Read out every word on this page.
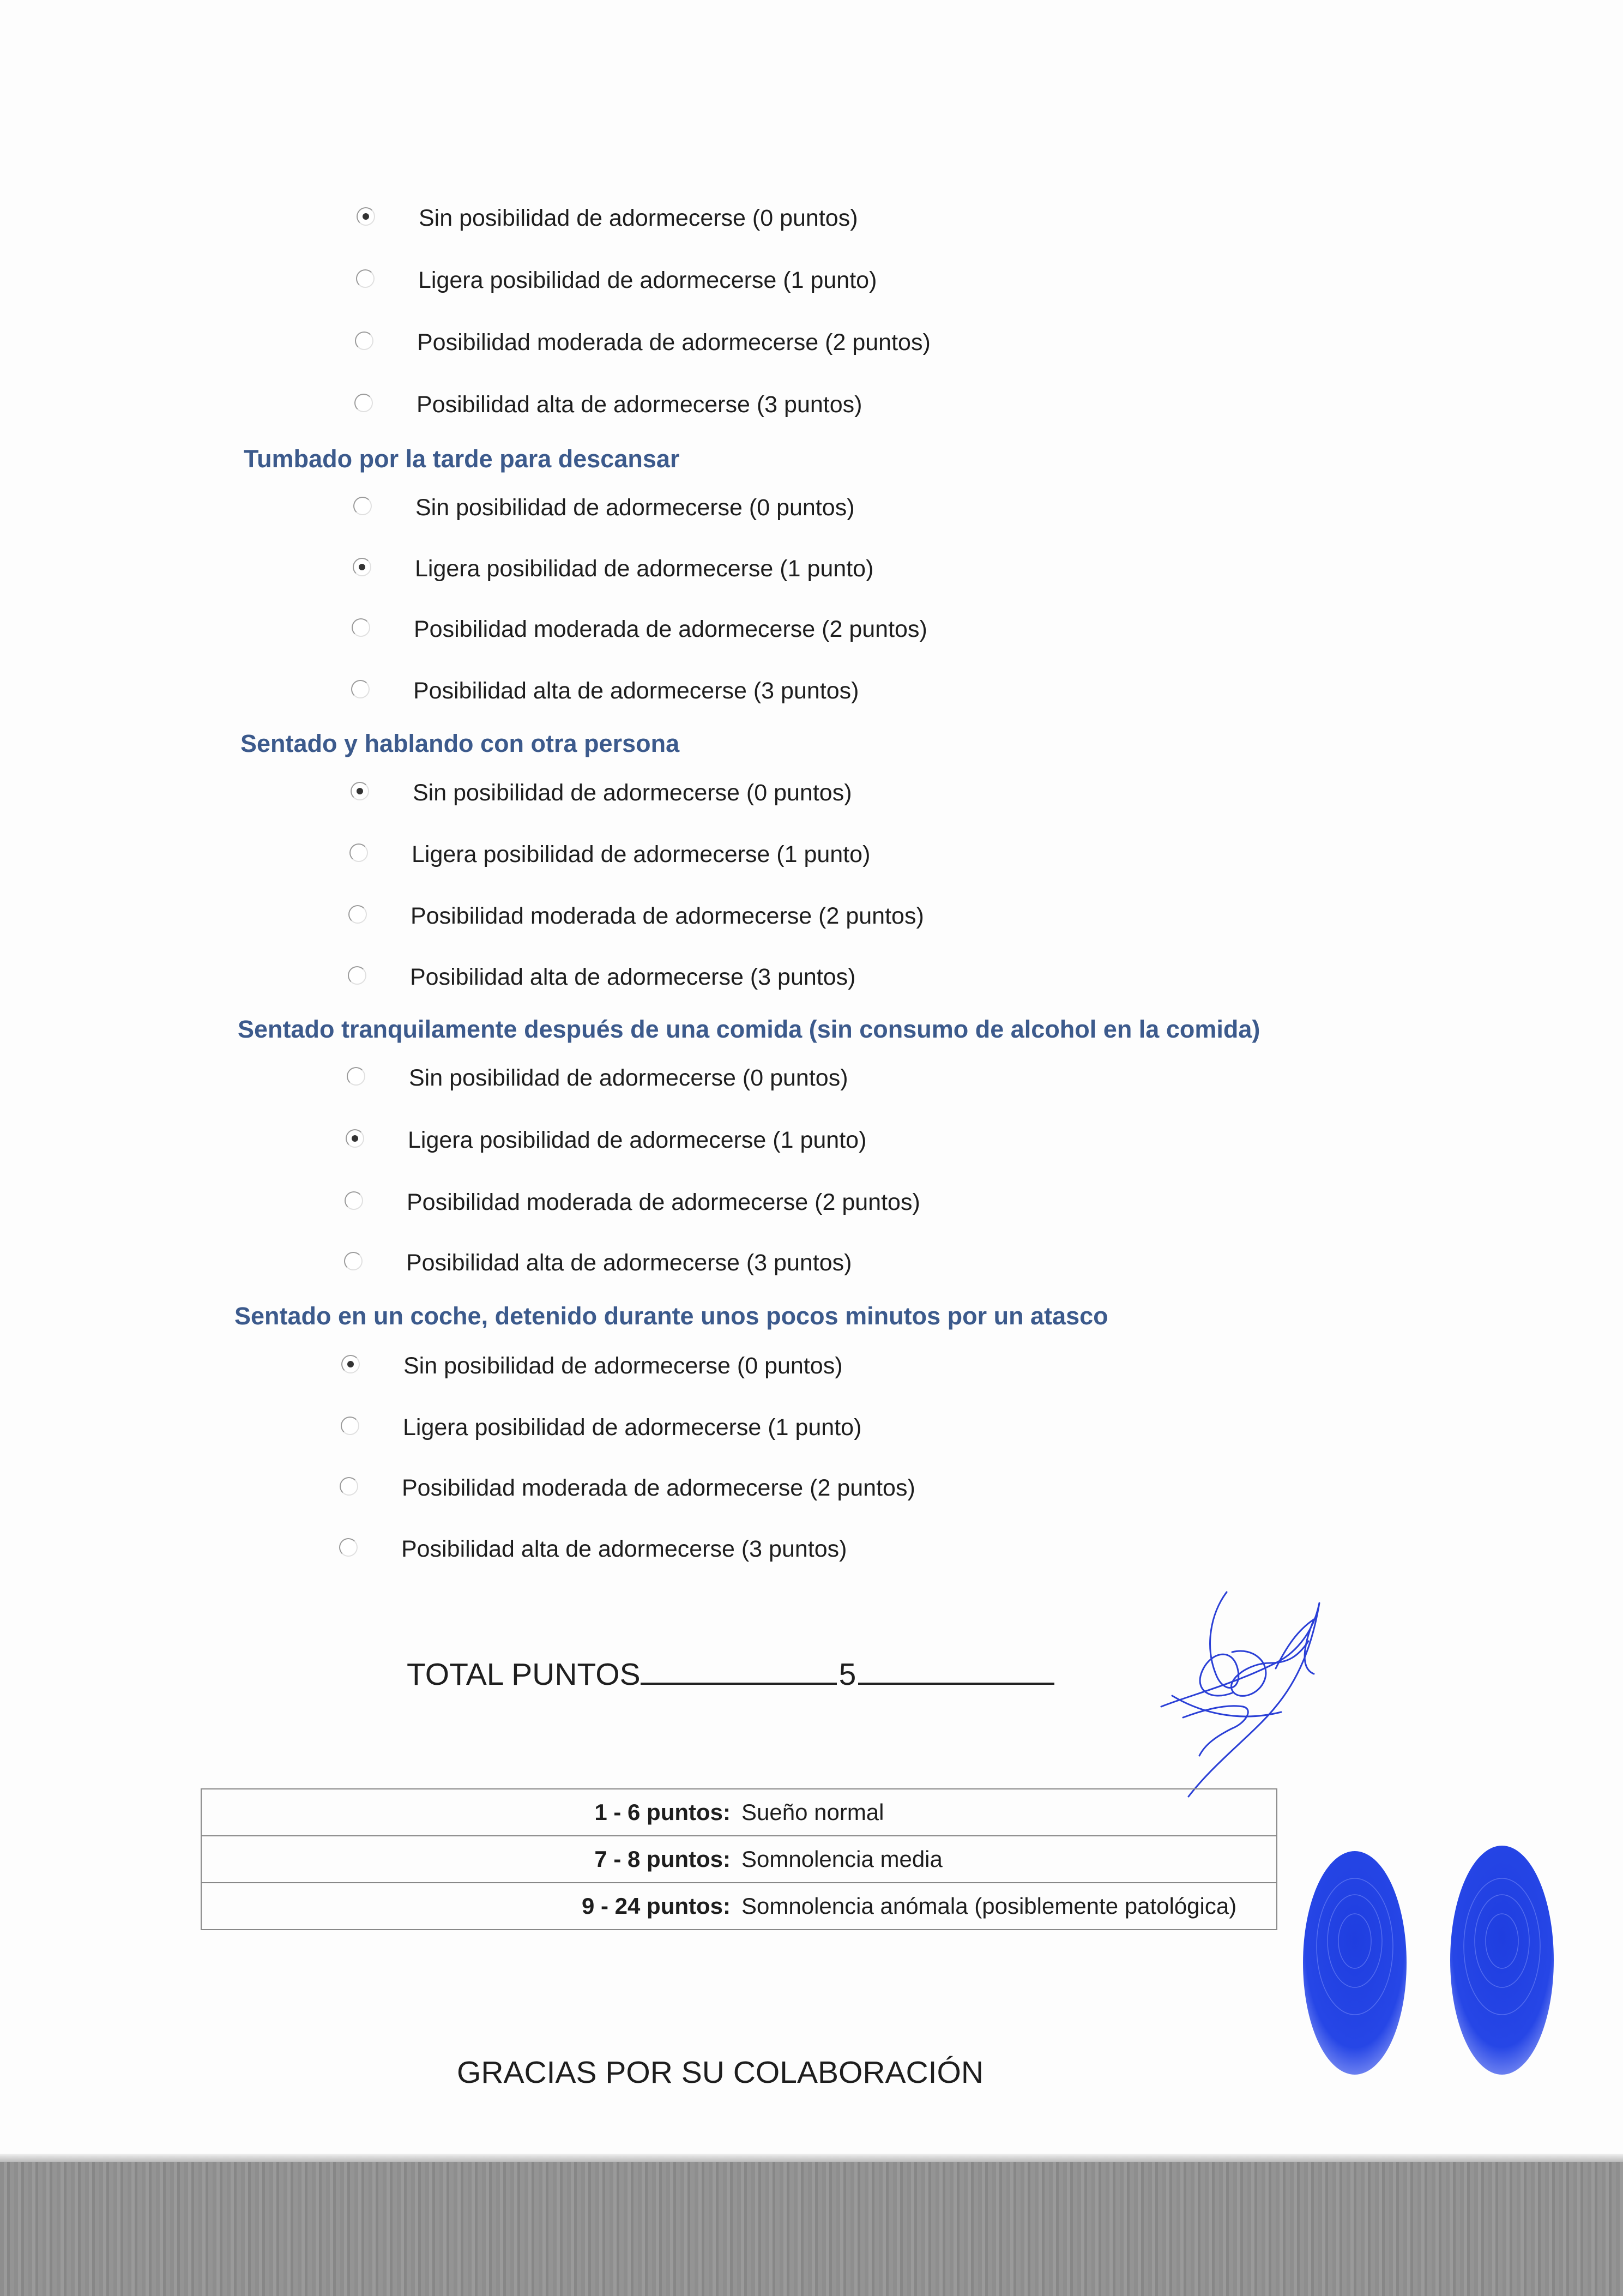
Sin posibilidad de adormecerse (0 puntos)
Ligera posibilidad de adormecerse (1 punto)
Posibilidad moderada de adormecerse (2 puntos)
Posibilidad alta de adormecerse (3 puntos)
Tumbado por la tarde para descansar
Sin posibilidad de adormecerse (0 puntos)
Ligera posibilidad de adormecerse (1 punto)
Posibilidad moderada de adormecerse (2 puntos)
Posibilidad alta de adormecerse (3 puntos)
Sentado y hablando con otra persona
Sin posibilidad de adormecerse (0 puntos)
Ligera posibilidad de adormecerse (1 punto)
Posibilidad moderada de adormecerse (2 puntos)
Posibilidad alta de adormecerse (3 puntos)
Sentado tranquilamente después de una comida (sin consumo de alcohol en la comida)
Sin posibilidad de adormecerse (0 puntos)
Ligera posibilidad de adormecerse (1 punto)
Posibilidad moderada de adormecerse (2 puntos)
Posibilidad alta de adormecerse (3 puntos)
Sentado en un coche, detenido durante unos pocos minutos por un atasco
Sin posibilidad de adormecerse (0 puntos)
Ligera posibilidad de adormecerse (1 punto)
Posibilidad moderada de adormecerse (2 puntos)
Posibilidad alta de adormecerse (3 puntos)
TOTAL PUNTOS	5
1 - 6 puntos:	Sueño normal
7 - 8 puntos:	Somnolencia media
9 - 24 puntos:	Somnolencia anómala (posiblemente patológica)
GRACIAS POR SU COLABORACIÓN
